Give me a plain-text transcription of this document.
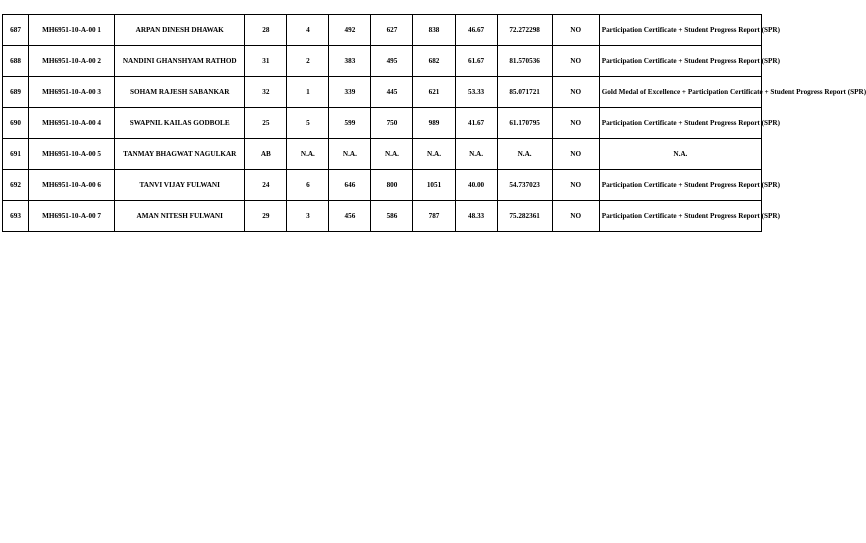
687	MH6951-10-A-00 1	ARPAN DINESH DHAWAK	28	4	492	627	838	46.67	72.272298	NO	Participation Certificate + Student Progress Report (SPR)
688	MH6951-10-A-00 2	NANDINI GHANSHYAM RATHOD	31	2	383	495	682	61.67	81.570536	NO	Participation Certificate + Student Progress Report (SPR)
689	MH6951-10-A-00 3	SOHAM RAJESH SABANKAR	32	1	339	445	621	53.33	85.071721	NO	Gold Medal of Excellence + Participation Certificate + Student Progress Report (SPR)
690	MH6951-10-A-00 4	SWAPNIL KAILAS GODBOLE	25	5	599	750	989	41.67	61.170795	NO	Participation Certificate + Student Progress Report (SPR)
691	MH6951-10-A-00 5	TANMAY BHAGWAT NAGULKAR	AB	N.A.	N.A.	N.A.	N.A.	N.A.	N.A.	NO	N.A.
692	MH6951-10-A-00 6	TANVI VIJAY FULWANI	24	6	646	800	1051	40.00	54.737023	NO	Participation Certificate + Student Progress Report (SPR)
693	MH6951-10-A-00 7	AMAN NITESH FULWANI	29	3	456	586	787	48.33	75.282361	NO	Participation Certificate + Student Progress Report (SPR)
